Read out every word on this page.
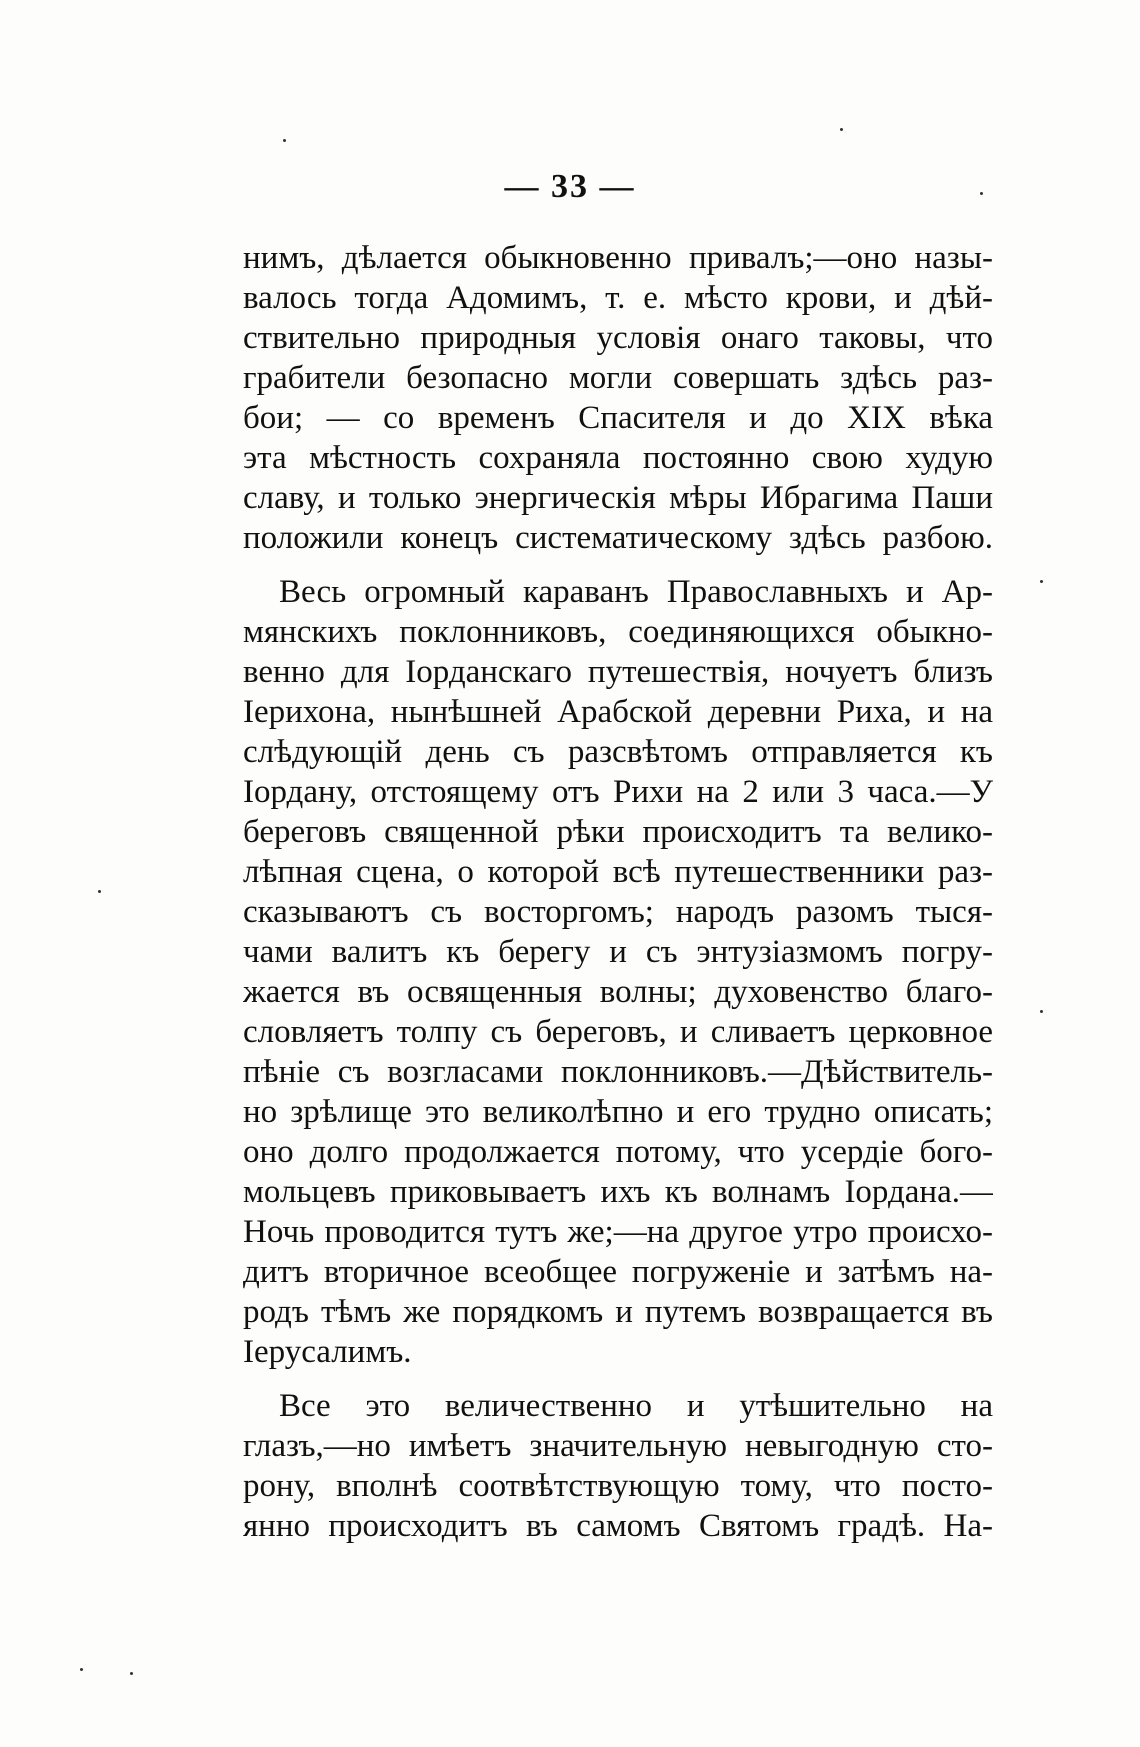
— 33 —
нимъ, дѣлается обыкновенно привалъ;—оно назы-
валось тогда Адомимъ, т. е. мѣсто крови, и дѣй-
ствительно природныя условія онаго таковы, что
грабители безопасно могли совершать здѣсь раз-
бои; — со временъ Спасителя и до XIX вѣка
эта мѣстность сохраняла постоянно свою худую
славу, и только энергическія мѣры Ибрагима Паши
положили конецъ систематическому здѣсь разбою.
Весь огромный караванъ Православныхъ и Ар-
мянскихъ поклонниковъ, соединяющихся обыкно-
венно для Іорданскаго путешествія, ночуетъ близъ
Іерихона, нынѣшней Арабской деревни Риха, и на
слѣдующій день съ разсвѣтомъ отправляется къ
Іордану, отстоящему отъ Рихи на 2 или 3 часа.—У
береговъ священной рѣки происходитъ та велико-
лѣпная сцена, о которой всѣ путешественники раз-
сказываютъ съ восторгомъ; народъ разомъ тыся-
чами валитъ къ берегу и съ энтузіазмомъ погру-
жается въ освященныя волны; духовенство благо-
словляетъ толпу съ береговъ, и сливаетъ церковное
пѣніе съ возгласами поклонниковъ.—Дѣйствитель-
но зрѣлище это великолѣпно и его трудно описать;
оно долго продолжается потому, что усердіе бого-
мольцевъ приковываетъ ихъ къ волнамъ Іордана.—
Ночь проводится тутъ же;—на другое утро происхо-
дитъ вторичное всеобщее погруженіе и затѣмъ на-
родъ тѣмъ же порядкомъ и путемъ возвращается въ
Іерусалимъ.
Все это величественно и утѣшительно на
глазъ,—но имѣетъ значительную невыгодную сто-
рону, вполнѣ соотвѣтствующую тому, что посто-
янно происходитъ въ самомъ Святомъ градѣ. На-
